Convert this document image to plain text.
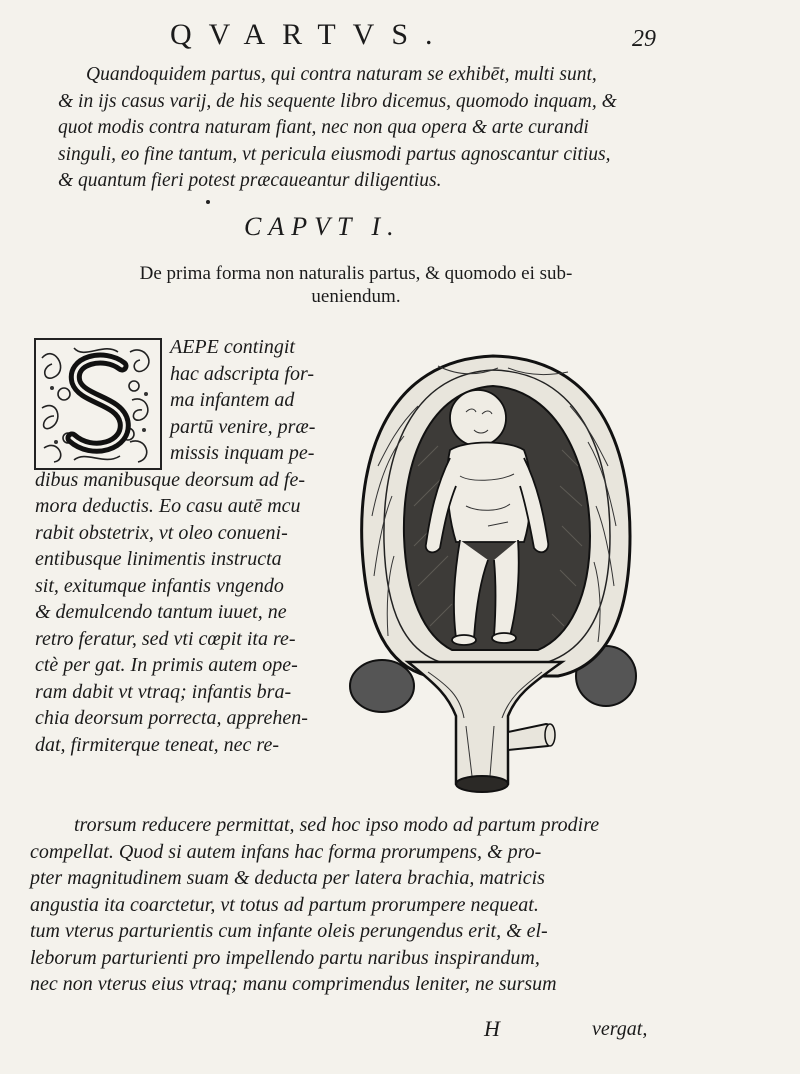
QVARTVS.	29
Quandoquidem partus, qui contra naturam se exhibēt, multi sunt,
& in ijs casus varij, de his sequente libro dicemus, quomodo inquam, &
quot modis contra naturam fiant, nec non qua opera & arte curandi
singuli, eo fine tantum, vt pericula eiusmodi partus agnoscantur citius,
& quantum fieri potest præcaueantur diligentius.
CAPVT I.
De prima forma non naturalis partus, & quomodo ei sub-
ueniendum.
AEPE contingit
hac adscripta for-
ma infantem ad
partū venire, præ-
missis inquam pe-
dibus manibusque deorsum ad fe-
mora deductis. Eo casu autē mcu
rabit obstetrix, vt oleo conueni-
entibusque linimentis instructa
sit, exitumque infantis vngendo
& demulcendo tantum iuuet, ne
retro feratur, sed vti cœpit ita re-
ctè per gat. In primis autem ope-
ram dabit vt vtraq; infantis bra-
chia deorsum porrecta, apprehen-
dat, firmiterque teneat, nec re-
trorsum reducere permittat, sed hoc ipso modo ad partum prodire
compellat. Quod si autem infans hac forma prorumpens, & pro-
pter magnitudinem suam & deducta per latera brachia, matricis
angustia ita coarctetur, vt totus ad partum prorumpere nequeat.
tum vterus parturientis cum infante oleis perungendus erit, & el-
leborum parturienti pro impellendo partu naribus inspirandum,
nec non vterus eius vtraq; manu comprimendus leniter, ne sursum
H	vergat,
